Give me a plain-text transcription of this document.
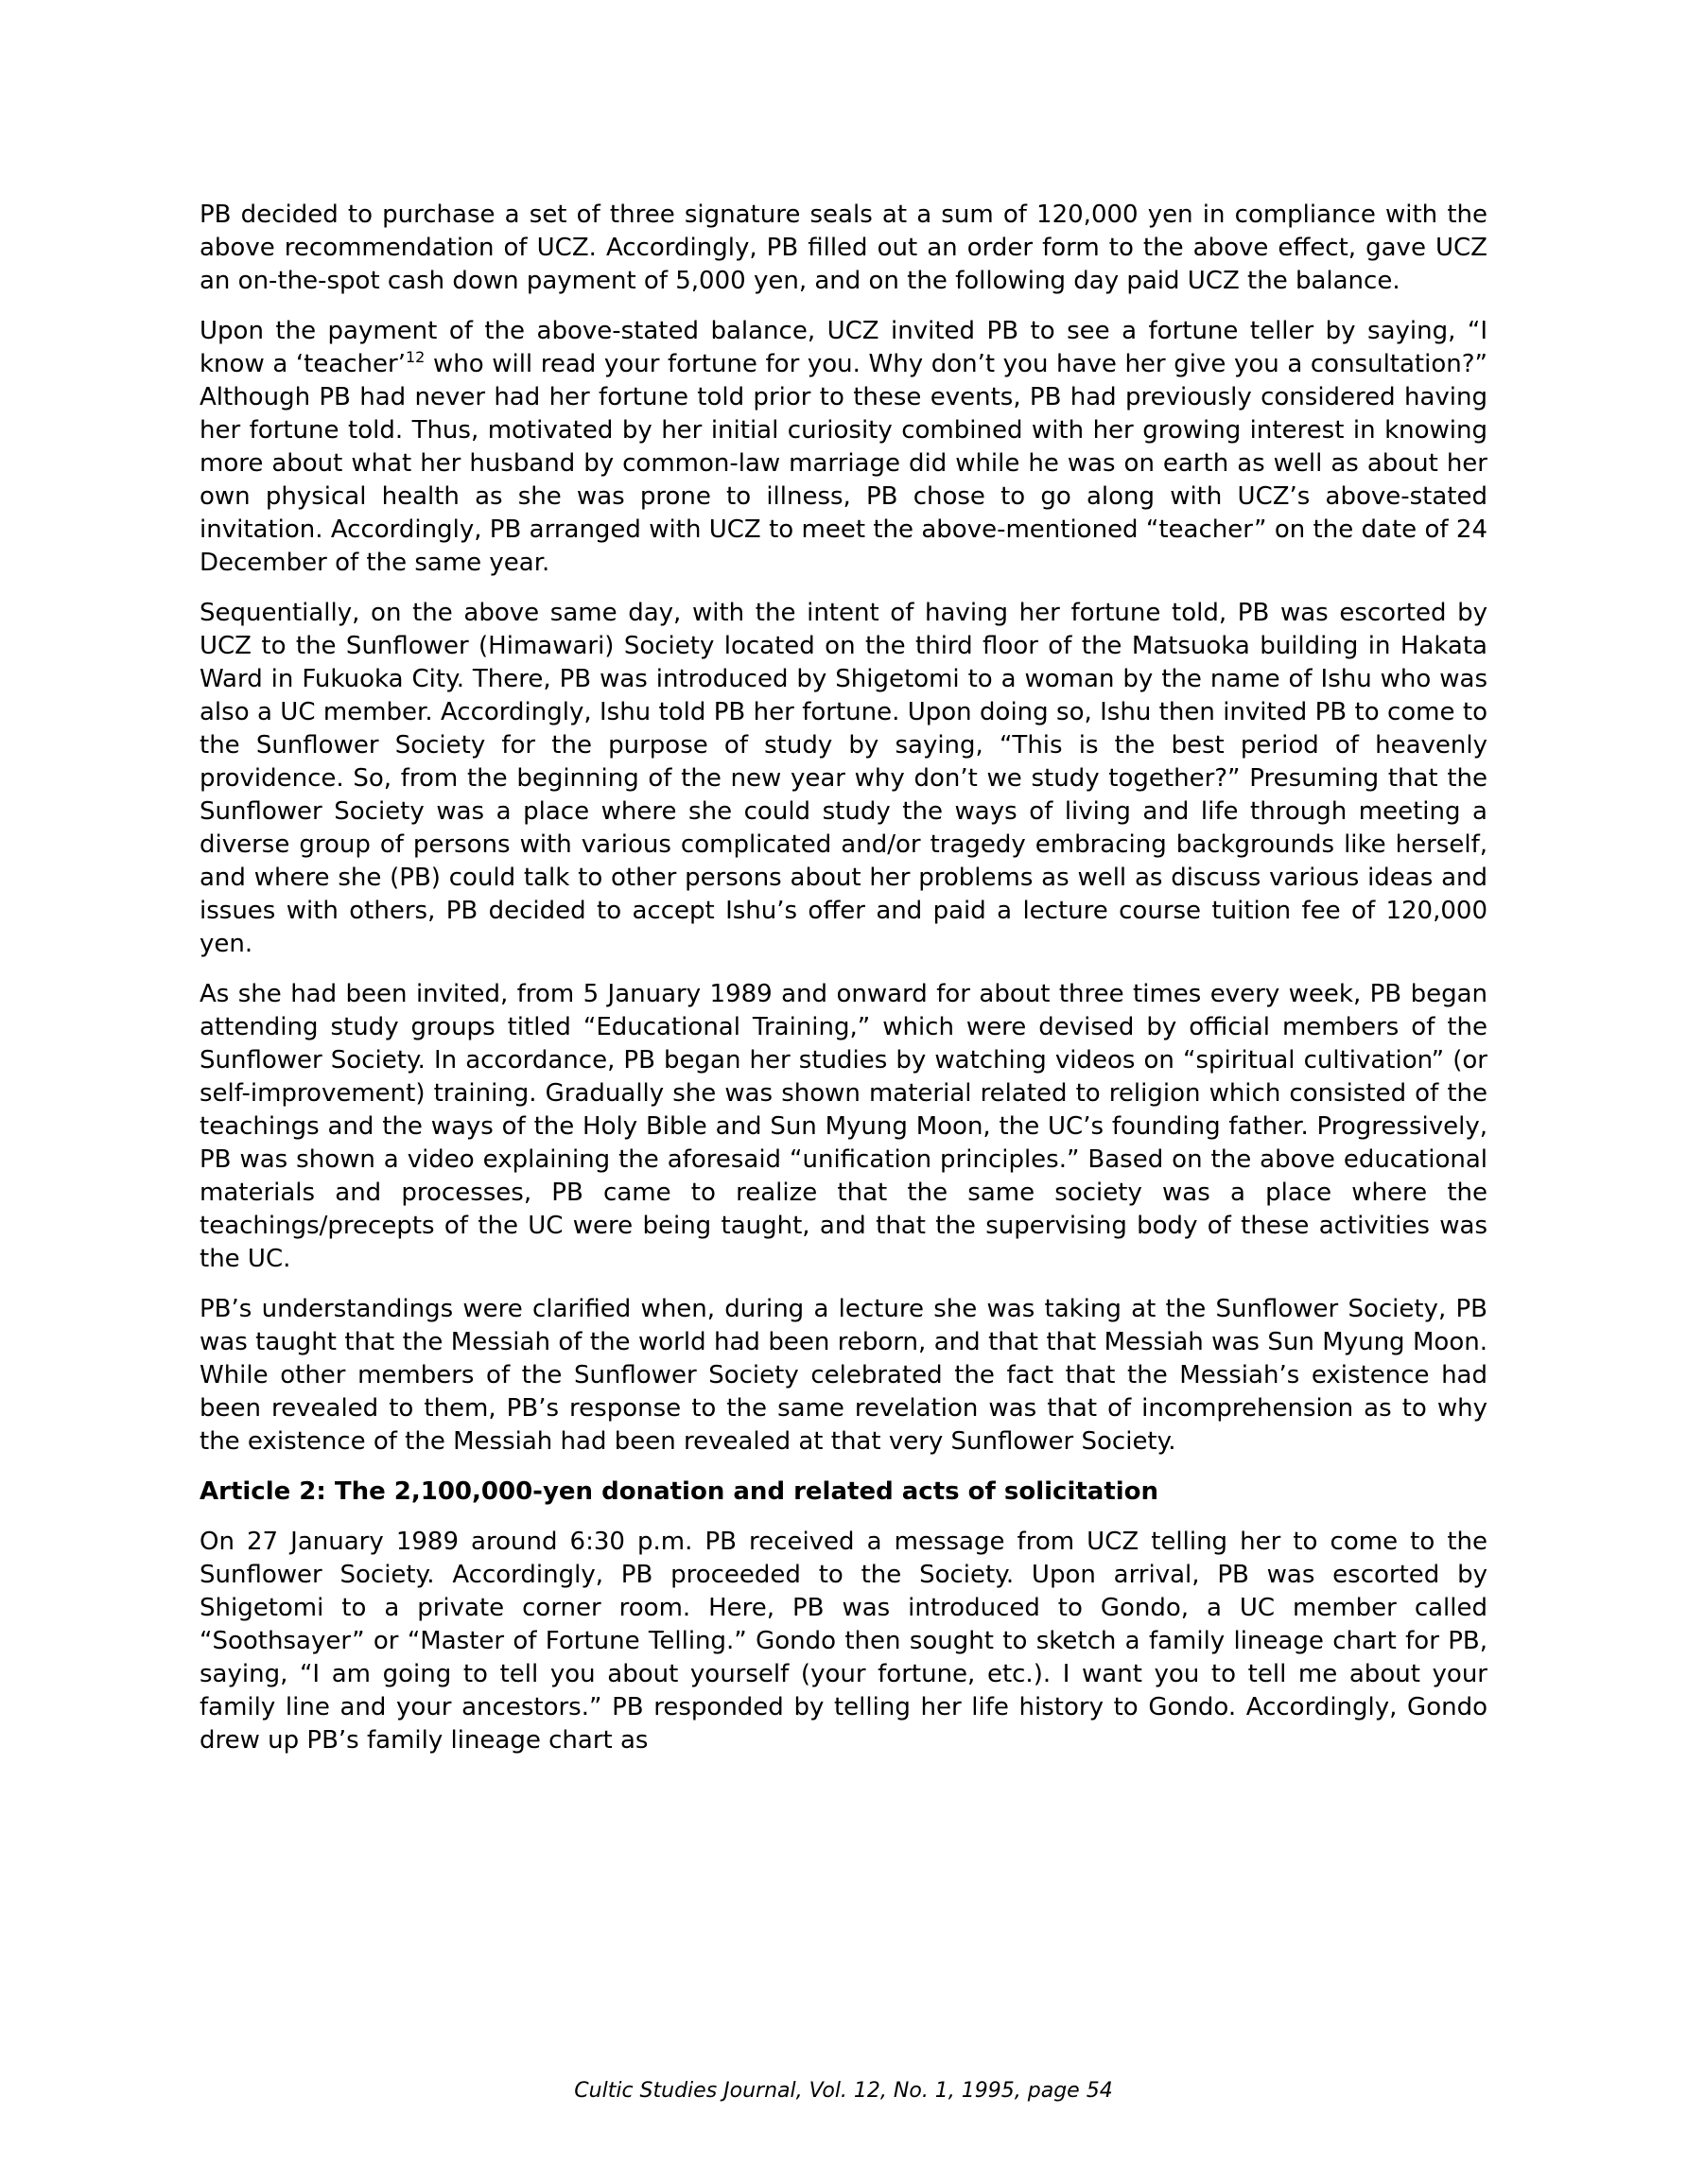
PB decided to purchase a set of three signature seals at a sum of 120,000 yen in compliance with the above recommendation of UCZ. Accordingly, PB filled out an order form to the above effect, gave UCZ an on-the-spot cash down payment of 5,000 yen, and on the following day paid UCZ the balance.

Upon the payment of the above-stated balance, UCZ invited PB to see a fortune teller by saying, “I know a ‘teacher’$^{12}$ who will read your fortune for you. Why don’t you have her give you a consultation?” Although PB had never had her fortune told prior to these events, PB had previously considered having her fortune told. Thus, motivated by her initial curiosity combined with her growing interest in knowing more about what her husband by common-law marriage did while he was on earth as well as about her own physical health as she was prone to illness, PB chose to go along with UCZ’s above-stated invitation. Accordingly, PB arranged with UCZ to meet the above-mentioned “teacher” on the date of 24 December of the same year.

Sequentially, on the above same day, with the intent of having her fortune told, PB was escorted by UCZ to the Sunflower (Himawari) Society located on the third floor of the Matsuoka building in Hakata Ward in Fukuoka City. There, PB was introduced by Shigetomi to a woman by the name of Ishu who was also a UC member. Accordingly, Ishu told PB her fortune. Upon doing so, Ishu then invited PB to come to the Sunflower Society for the purpose of study by saying, “This is the best period of heavenly providence. So, from the beginning of the new year why don’t we study together?” Presuming that the Sunflower Society was a place where she could study the ways of living and life through meeting a diverse group of persons with various complicated and/or tragedy embracing backgrounds like herself, and where she (PB) could talk to other persons about her problems as well as discuss various ideas and issues with others, PB decided to accept Ishu’s offer and paid a lecture course tuition fee of 120,000 yen.

As she had been invited, from 5 January 1989 and onward for about three times every week, PB began attending study groups titled “Educational Training,” which were devised by official members of the Sunflower Society. In accordance, PB began her studies by watching videos on “spiritual cultivation” (or self-improvement) training. Gradually she was shown material related to religion which consisted of the teachings and the ways of the Holy Bible and Sun Myung Moon, the UC’s founding father. Progressively, PB was shown a video explaining the aforesaid “unification principles.” Based on the above educational materials and processes, PB came to realize that the same society was a place where the teachings/precepts of the UC were being taught, and that the supervising body of these activities was the UC.

PB’s understandings were clarified when, during a lecture she was taking at the Sunflower Society, PB was taught that the Messiah of the world had been reborn, and that that Messiah was Sun Myung Moon. While other members of the Sunflower Society celebrated the fact that the Messiah’s existence had been revealed to them, PB’s response to the same revelation was that of incomprehension as to why the existence of the Messiah had been revealed at that very Sunflower Society.

Article 2: The 2,100,000-yen donation and related acts of solicitation

On 27 January 1989 around 6:30 p.m. PB received a message from UCZ telling her to come to the Sunflower Society. Accordingly, PB proceeded to the Society. Upon arrival, PB was escorted by Shigetomi to a private corner room. Here, PB was introduced to Gondo, a UC member called “Soothsayer” or “Master of Fortune Telling.” Gondo then sought to sketch a family lineage chart for PB, saying, “I am going to tell you about yourself (your fortune, etc.). I want you to tell me about your family line and your ancestors.” PB responded by telling her life history to Gondo. Accordingly, Gondo drew up PB’s family lineage chart as

Cultic Studies Journal, Vol. 12, No. 1, 1995, page 54
